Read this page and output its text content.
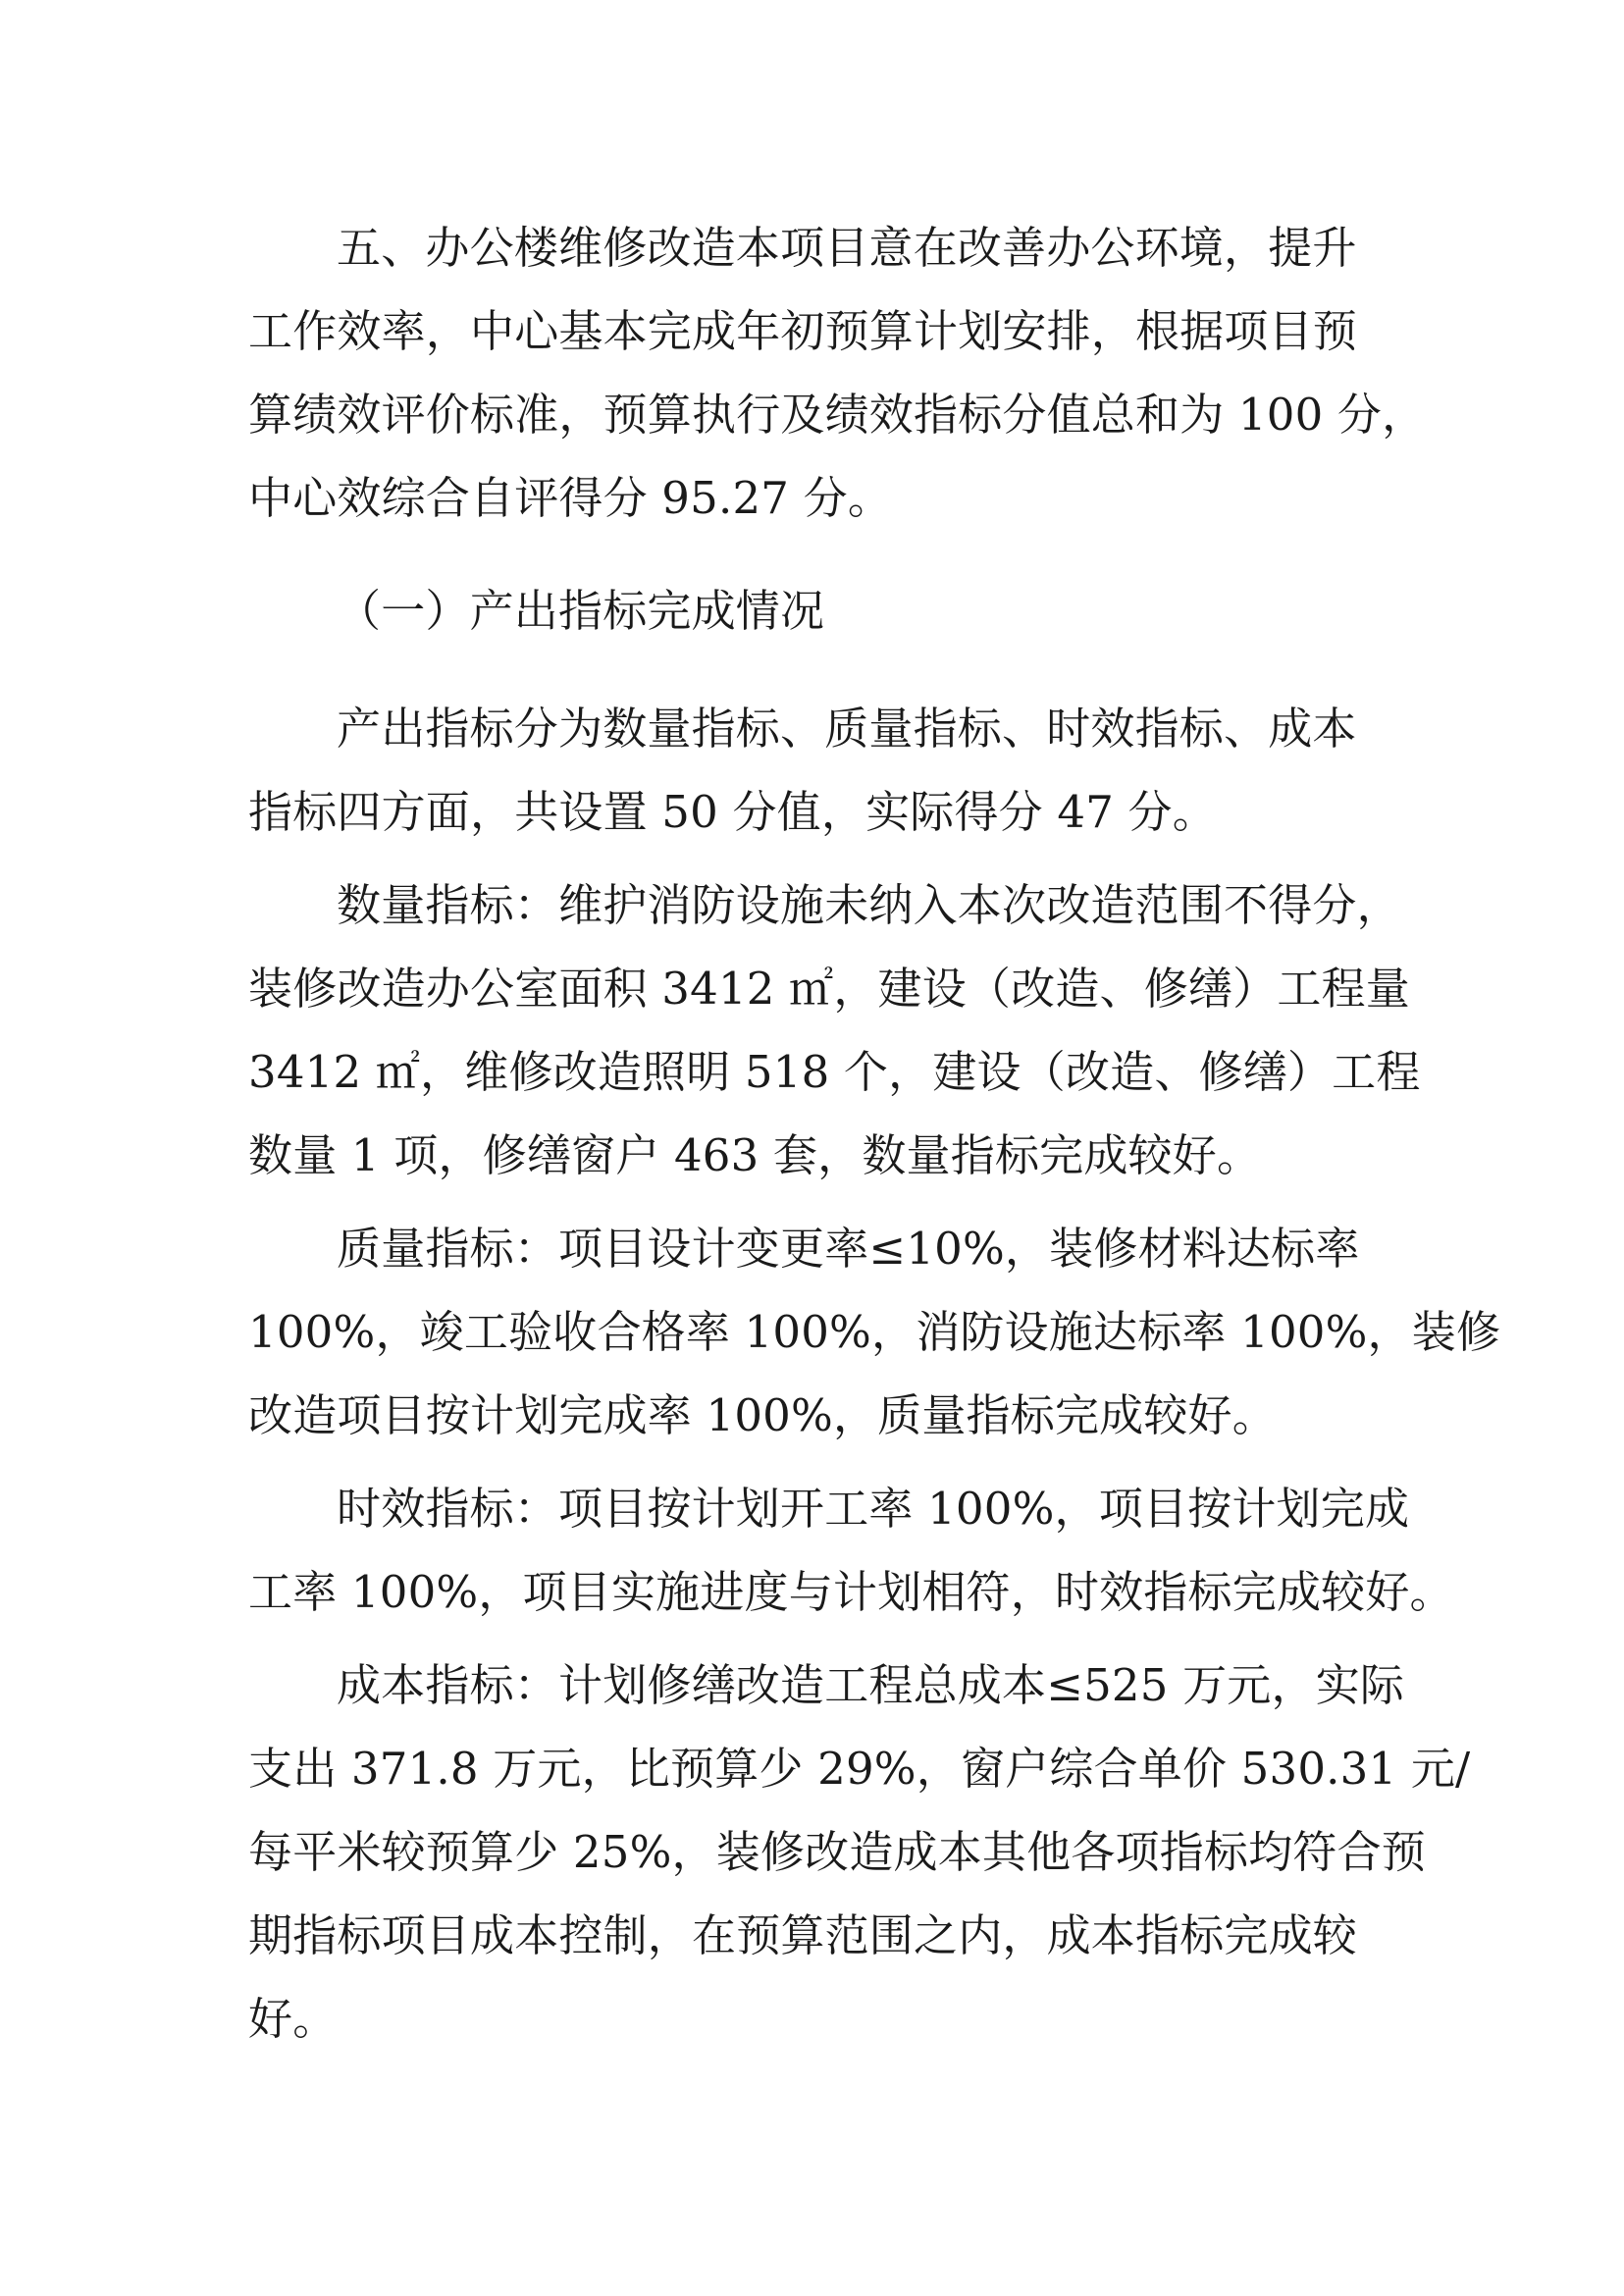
五、办公楼维修改造本项目意在改善办公环境，提升
工作效率，中心基本完成年初预算计划安排，根据项目预
算绩效评价标准，预算执行及绩效指标分值总和为 100 分，
中心效综合自评得分 95.27 分。
（一）产出指标完成情况
产出指标分为数量指标、质量指标、时效指标、成本
指标四方面，共设置 50 分值，实际得分 47 分。
数量指标：维护消防设施未纳入本次改造范围不得分，
装修改造办公室面积 3412 ㎡，建设（改造、修缮）工程量
3412 ㎡，维修改造照明 518 个，建设（改造、修缮）工程
数量 1 项，修缮窗户 463 套，数量指标完成较好。
质量指标：项目设计变更率≤10%，装修材料达标率
100%，竣工验收合格率 100%，消防设施达标率 100%，装修
改造项目按计划完成率 100%，质量指标完成较好。
时效指标：项目按计划开工率 100%，项目按计划完成
工率 100%，项目实施进度与计划相符，时效指标完成较好。
成本指标：计划修缮改造工程总成本≤525 万元，实际
支出 371.8 万元，比预算少 29%，窗户综合单价 530.31 元/
每平米较预算少 25%，装修改造成本其他各项指标均符合预
期指标项目成本控制，在预算范围之内，成本指标完成较
好。
